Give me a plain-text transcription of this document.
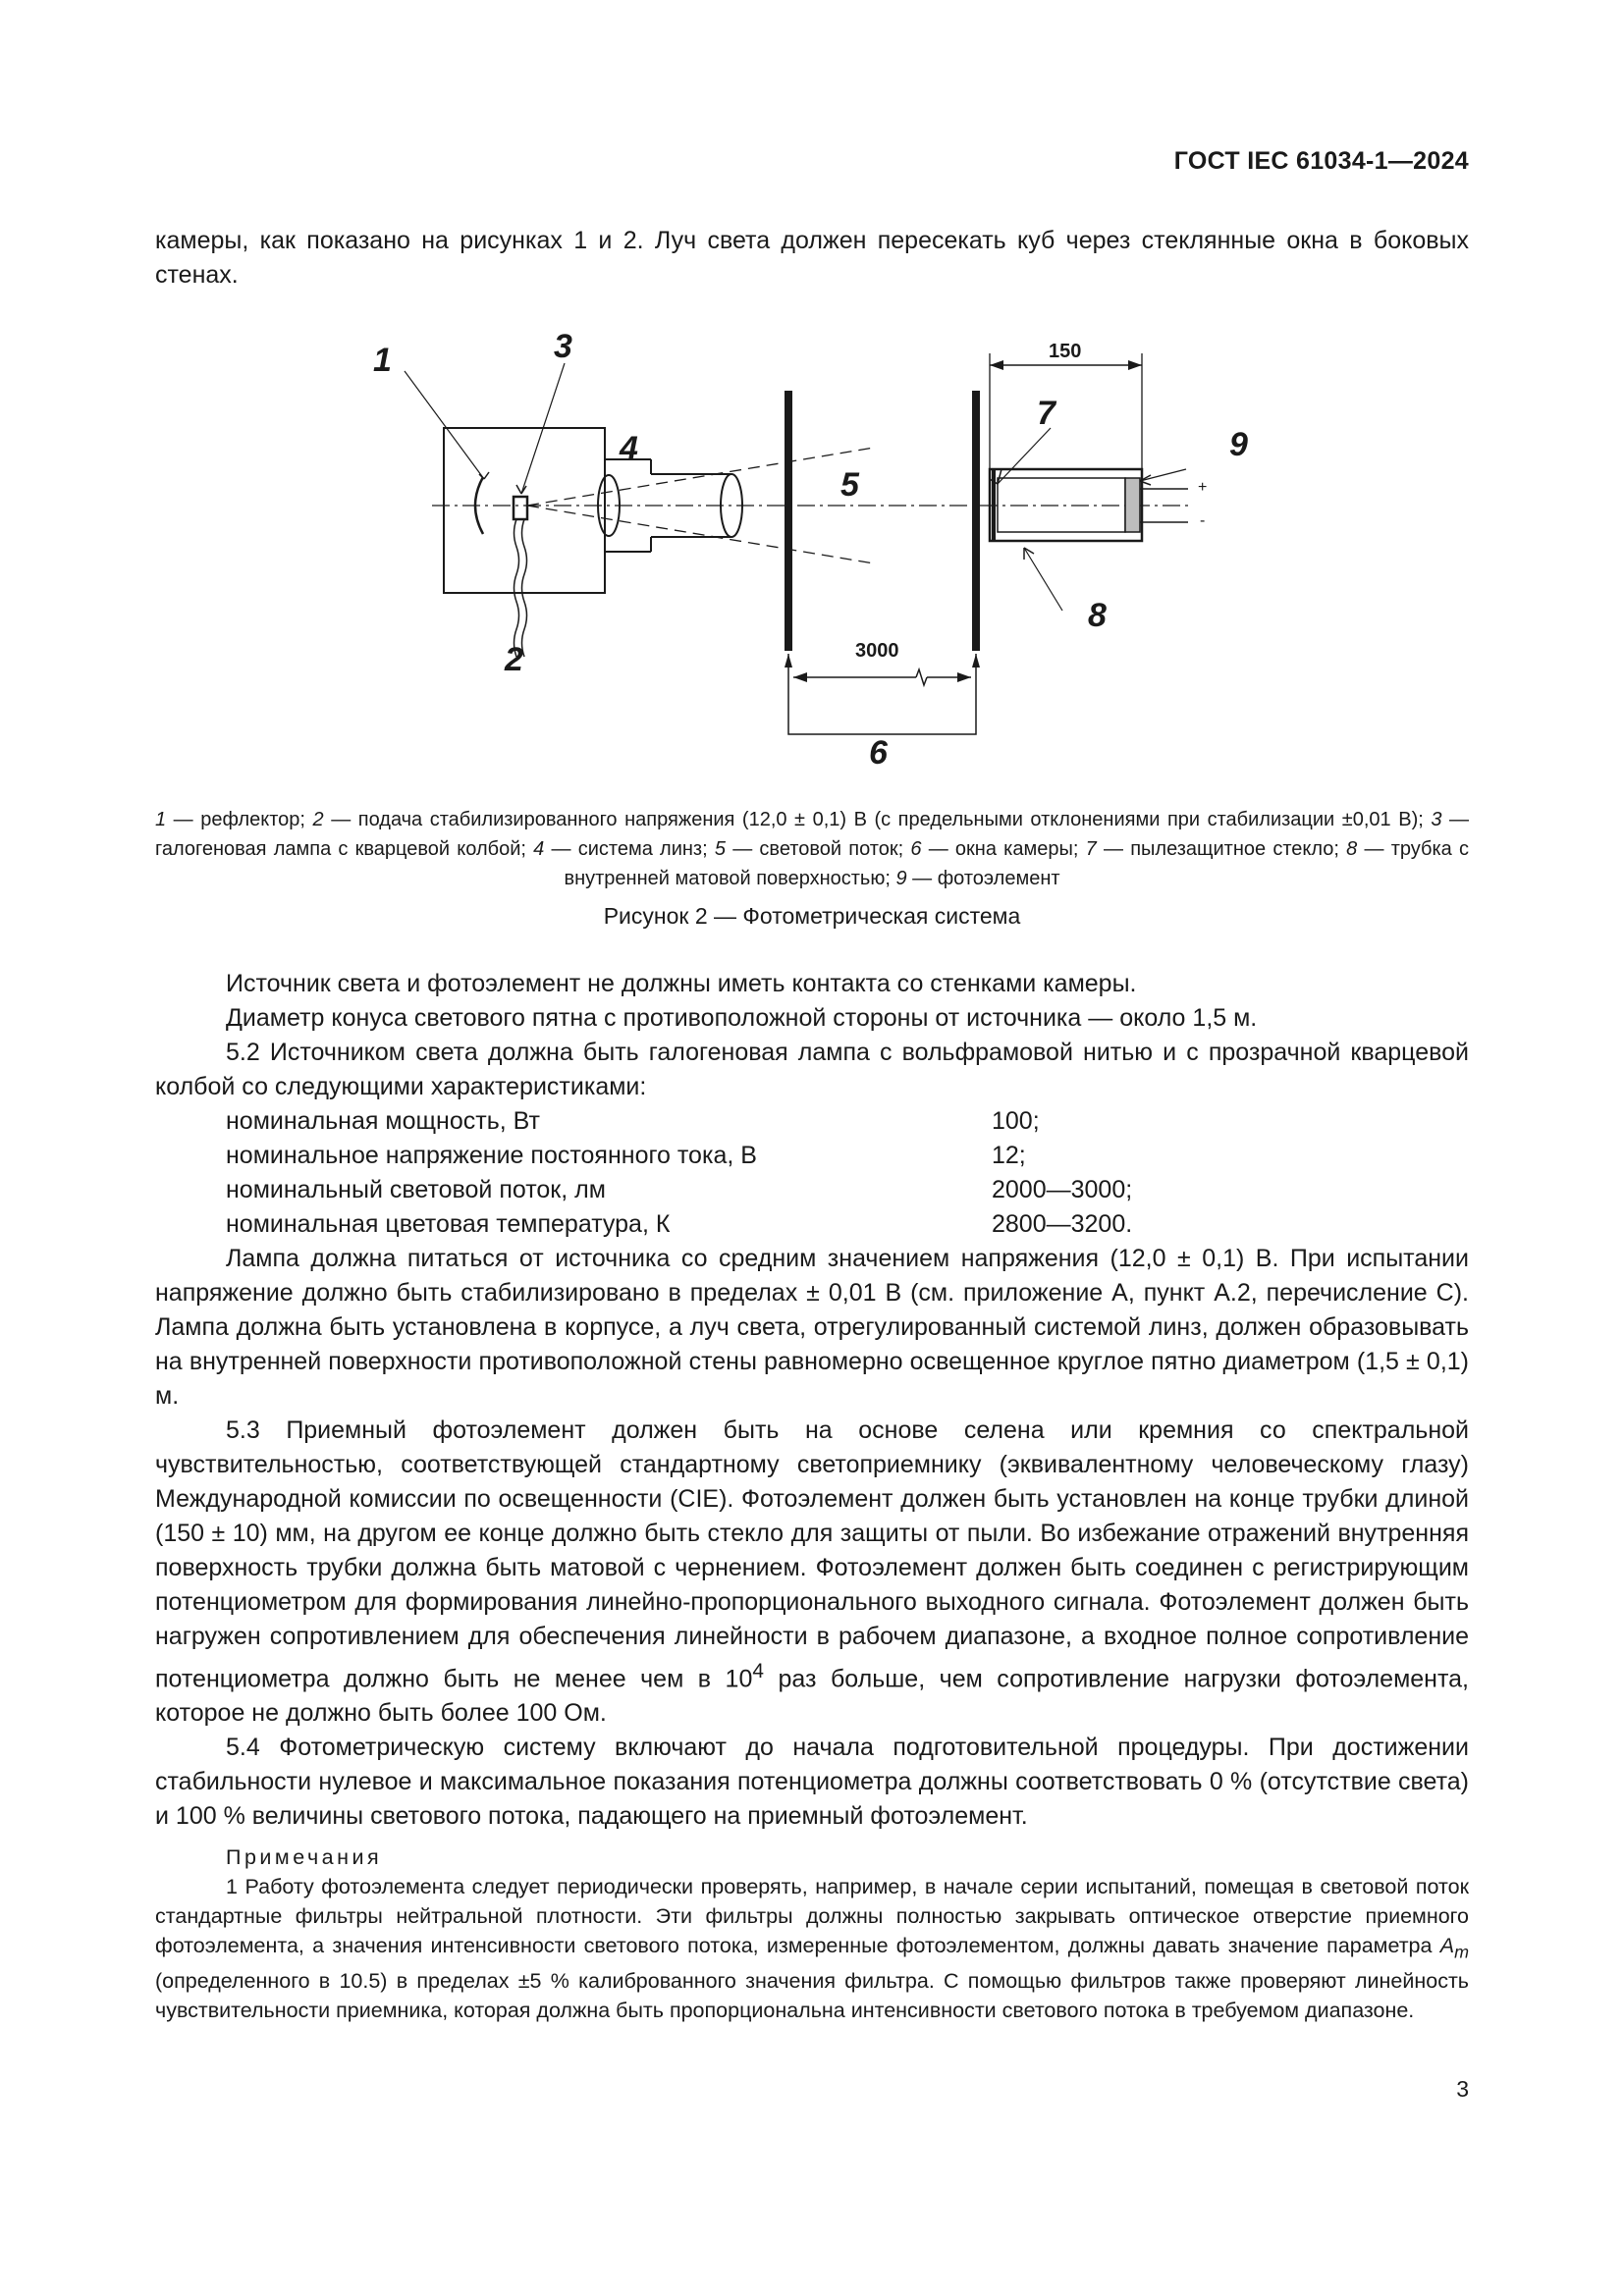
ГОСТ IEC 61034-1—2024

камеры, как показано на рисунках 1 и 2. Луч света должен пересекать куб через стеклянные окна в боковых стенах.

1
2
3
4
5
6
7
8
9
150
3000
+
-
1 — рефлектор; 2 — подача стабилизированного напряжения (12,0 ± 0,1) В (с предельными отклонениями при стабилизации ±0,01 В); 3 — галогеновая лампа с кварцевой колбой; 4 — система линз; 5 — световой поток; 6 — окна камеры; 7 — пылезащитное стекло; 8 — трубка с внутренней матовой поверхностью; 9 — фотоэлемент
Рисунок 2 — Фотометрическая система

Источник света и фотоэлемент не должны иметь контакта со стенками камеры.

Диаметр конуса светового пятна с противоположной стороны от источника — около 1,5 м.

5.2 Источником света должна быть галогеновая лампа с вольфрамовой нитью и с прозрачной кварцевой колбой со следующими характеристиками:

номинальная мощность, Вт	100;
номинальное напряжение постоянного тока, В	12;
номинальный световой поток, лм	2000—3000;
номинальная цветовая температура, К	2800—3200.

Лампа должна питаться от источника со средним значением напряжения (12,0 ± 0,1) В. При испытании напряжение должно быть стабилизировано в пределах ± 0,01 В (см. приложение А, пункт А.2, перечисление С). Лампа должна быть установлена в корпусе, а луч света, отрегулированный системой линз, должен образовывать на внутренней поверхности противоположной стены равномерно освещенное круглое пятно диаметром (1,5 ± 0,1) м.

5.3 Приемный фотоэлемент должен быть на основе селена или кремния со спектральной чувствительностью, соответствующей стандартному светоприемнику (эквивалентному человеческому глазу) Международной комиссии по освещенности (CIE). Фотоэлемент должен быть установлен на конце трубки длиной (150 ± 10) мм, на другом ее конце должно быть стекло для защиты от пыли. Во избежание отражений внутренняя поверхность трубки должна быть матовой с чернением. Фотоэлемент должен быть соединен с регистрирующим потенциометром для формирования линейно-пропорционального выходного сигнала. Фотоэлемент должен быть нагружен сопротивлением для обеспечения линейности в рабочем диапазоне, а входное полное сопротивление потенциометра должно быть не менее чем в $10^4$ раз больше, чем сопротивление нагрузки фотоэлемента, которое не должно быть более 100 Ом.

5.4 Фотометрическую систему включают до начала подготовительной процедуры. При достижении стабильности нулевое и максимальное показания потенциометра должны соответствовать 0 % (отсутствие света) и 100 % величины светового потока, падающего на приемный фотоэлемент.

Примечания

1 Работу фотоэлемента следует периодически проверять, например, в начале серии испытаний, помещая в световой поток стандартные фильтры нейтральной плотности. Эти фильтры должны полностью закрывать оптическое отверстие приемного фотоэлемента, а значения интенсивности светового потока, измеренные фотоэлементом, должны давать значение параметра $A_m$ (определенного в 10.5) в пределах ±5 % калиброванного значения фильтра. С помощью фильтров также проверяют линейность чувствительности приемника, которая должна быть пропорциональна интенсивности светового потока в требуемом диапазоне.

3
